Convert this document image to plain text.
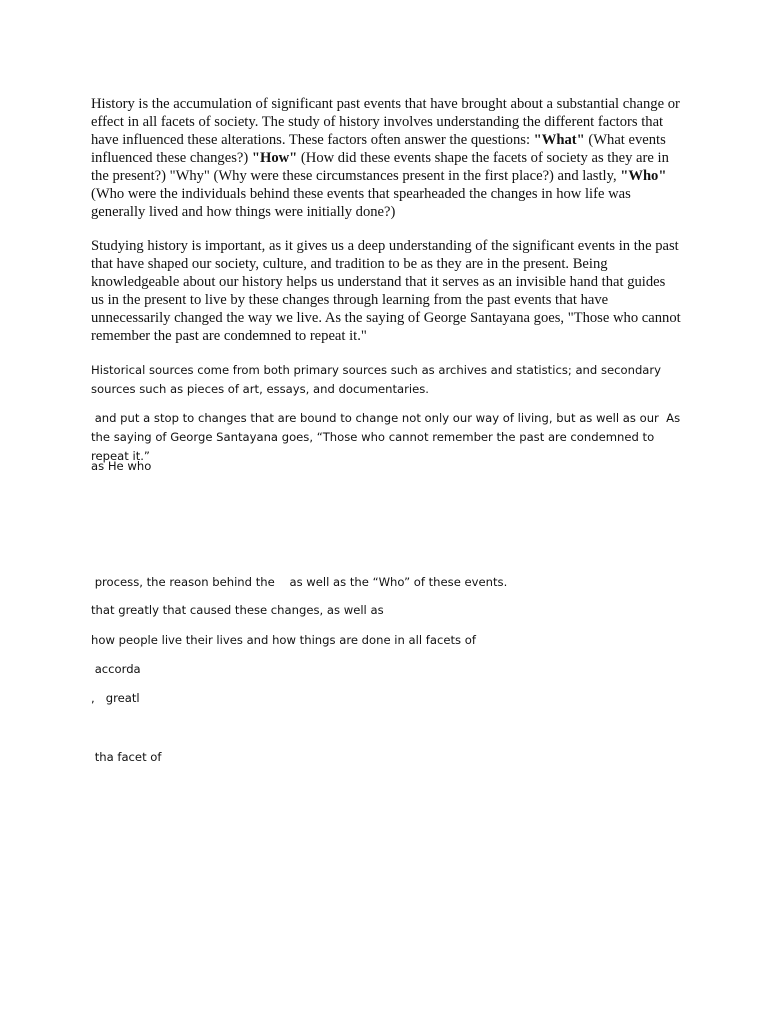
History is the accumulation of significant past events that have brought about a substantial change or effect in all facets of society. The study of history involves understanding the different factors that have influenced these alterations. These factors often answer the questions: "What" (What events influenced these changes?) "How" (How did these events shape the facets of society as they are in the present?) "Why" (Why were these circumstances present in the first place?) and lastly, "Who" (Who were the individuals behind these events that spearheaded the changes in how life was generally lived and how things were initially done?)

Studying history is important, as it gives us a deep understanding of the significant events in the past that have shaped our society, culture, and tradition to be as they are in the present. Being knowledgeable about our history helps us understand that it serves as an invisible hand that guides us in the present to live by these changes through learning from the past events that have unnecessarily changed the way we live. As the saying of George Santayana goes, "Those who cannot remember the past are condemned to repeat it."

Historical sources come from both primary sources such as archives and statistics; and secondary sources such as pieces of art, essays, and documentaries.

and put a stop to changes that are bound to change not only our way of living, but as well as our  As the saying of George Santayana goes, “Those who cannot remember the past are condemned to repeat it.”

as He who

process, the reason behind the    as well as the “Who” of these events.

that greatly that caused these changes, as well as

how people live their lives and how things are done in all facets of

accorda

,   greatl

tha facet of
